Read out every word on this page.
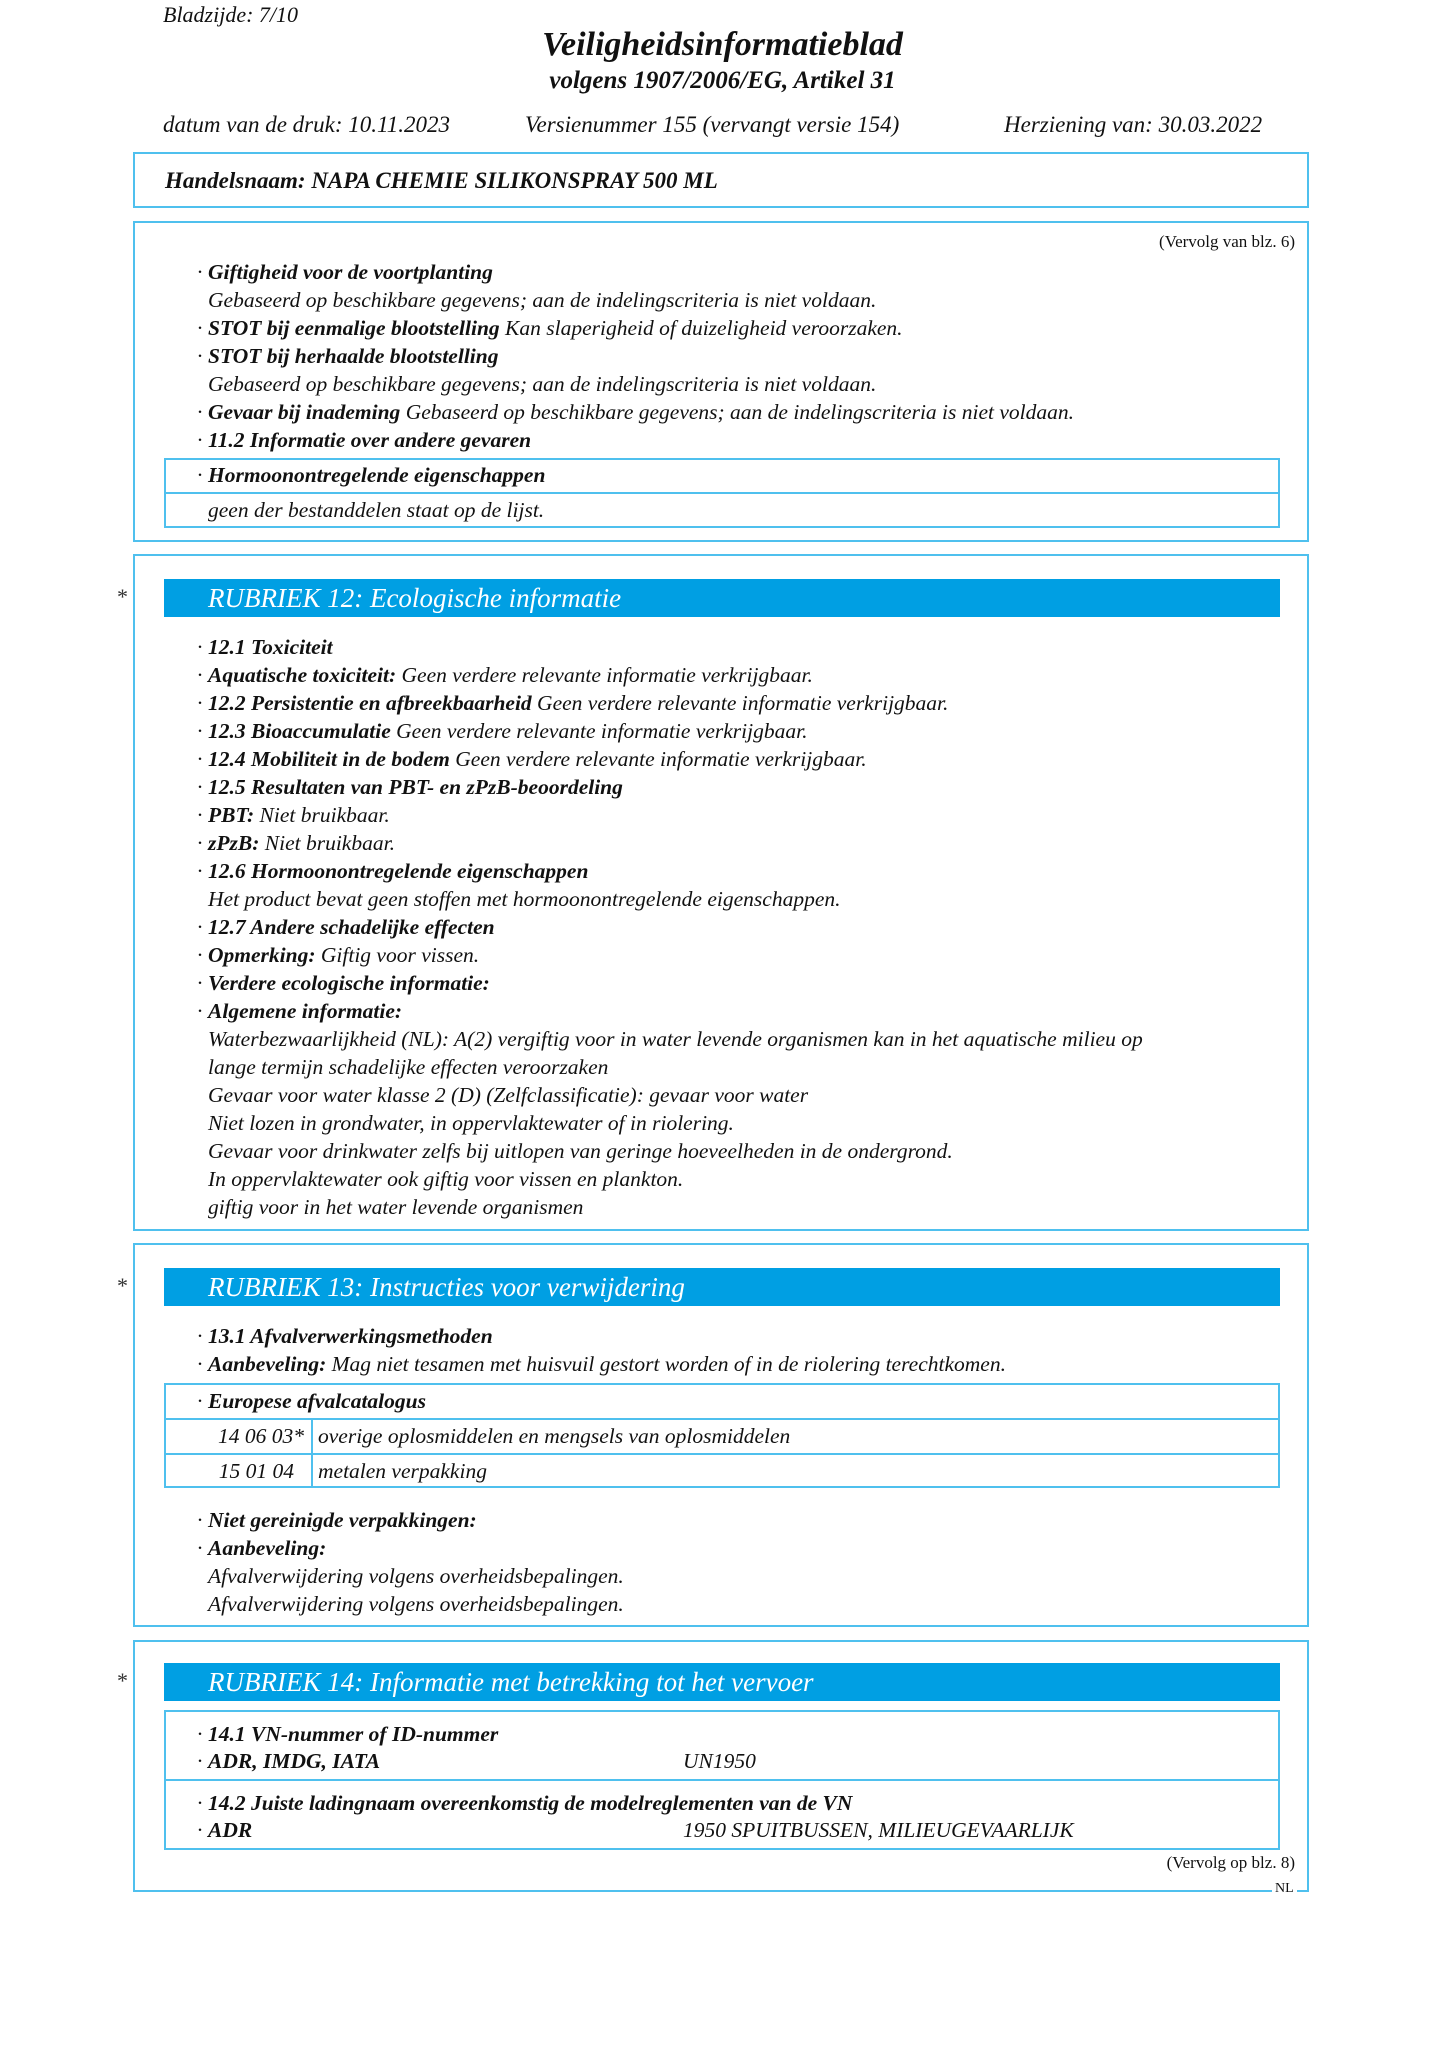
Bladzijde: 7/10
Veiligheidsinformatieblad
volgens 1907/2006/EG, Artikel 31
datum van de druk: 10.11.2023	Versienummer 155 (vervangt versie 154)	Herziening van: 30.03.2022
Handelsnaam: NAPA CHEMIE SILIKONSPRAY 500 ML
(Vervolg van blz. 6)
· Giftigheid voor de voortplanting
Gebaseerd op beschikbare gegevens; aan de indelingscriteria is niet voldaan.
· STOT bij eenmalige blootstelling Kan slaperigheid of duizeligheid veroorzaken.
· STOT bij herhaalde blootstelling
Gebaseerd op beschikbare gegevens; aan de indelingscriteria is niet voldaan.
· Gevaar bij inademing Gebaseerd op beschikbare gegevens; aan de indelingscriteria is niet voldaan.
· 11.2 Informatie over andere gevaren
· Hormoonontregelende eigenschappen
geen der bestanddelen staat op de lijst.
*	RUBRIEK 12: Ecologische informatie
· 12.1 Toxiciteit
· Aquatische toxiciteit: Geen verdere relevante informatie verkrijgbaar.
· 12.2 Persistentie en afbreekbaarheid Geen verdere relevante informatie verkrijgbaar.
· 12.3 Bioaccumulatie Geen verdere relevante informatie verkrijgbaar.
· 12.4 Mobiliteit in de bodem Geen verdere relevante informatie verkrijgbaar.
· 12.5 Resultaten van PBT- en zPzB-beoordeling
· PBT: Niet bruikbaar.
· zPzB: Niet bruikbaar.
· 12.6 Hormoonontregelende eigenschappen
Het product bevat geen stoffen met hormoonontregelende eigenschappen.
· 12.7 Andere schadelijke effecten
· Opmerking: Giftig voor vissen.
· Verdere ecologische informatie:
· Algemene informatie:
Waterbezwaarlijkheid (NL): A(2) vergiftig voor in water levende organismen kan in het aquatische milieu op
lange termijn schadelijke effecten veroorzaken
Gevaar voor water klasse 2 (D) (Zelfclassificatie): gevaar voor water
Niet lozen in grondwater, in oppervlaktewater of in riolering.
Gevaar voor drinkwater zelfs bij uitlopen van geringe hoeveelheden in de ondergrond.
In oppervlaktewater ook giftig voor vissen en plankton.
giftig voor in het water levende organismen
*	RUBRIEK 13: Instructies voor verwijdering
· 13.1 Afvalverwerkingsmethoden
· Aanbeveling: Mag niet tesamen met huisvuil gestort worden of in de riolering terechtkomen.
· Europese afvalcatalogus
14 06 03* overige oplosmiddelen en mengsels van oplosmiddelen
15 01 04 metalen verpakking
· Niet gereinigde verpakkingen:
· Aanbeveling:
Afvalverwijdering volgens overheidsbepalingen.
Afvalverwijdering volgens overheidsbepalingen.
*	RUBRIEK 14: Informatie met betrekking tot het vervoer
· 14.1 VN-nummer of ID-nummer
· ADR, IMDG, IATA	UN1950
· 14.2 Juiste ladingnaam overeenkomstig de modelreglementen van de VN
· ADR	1950 SPUITBUSSEN, MILIEUGEVAARLIJK
(Vervolg op blz. 8)
NL
